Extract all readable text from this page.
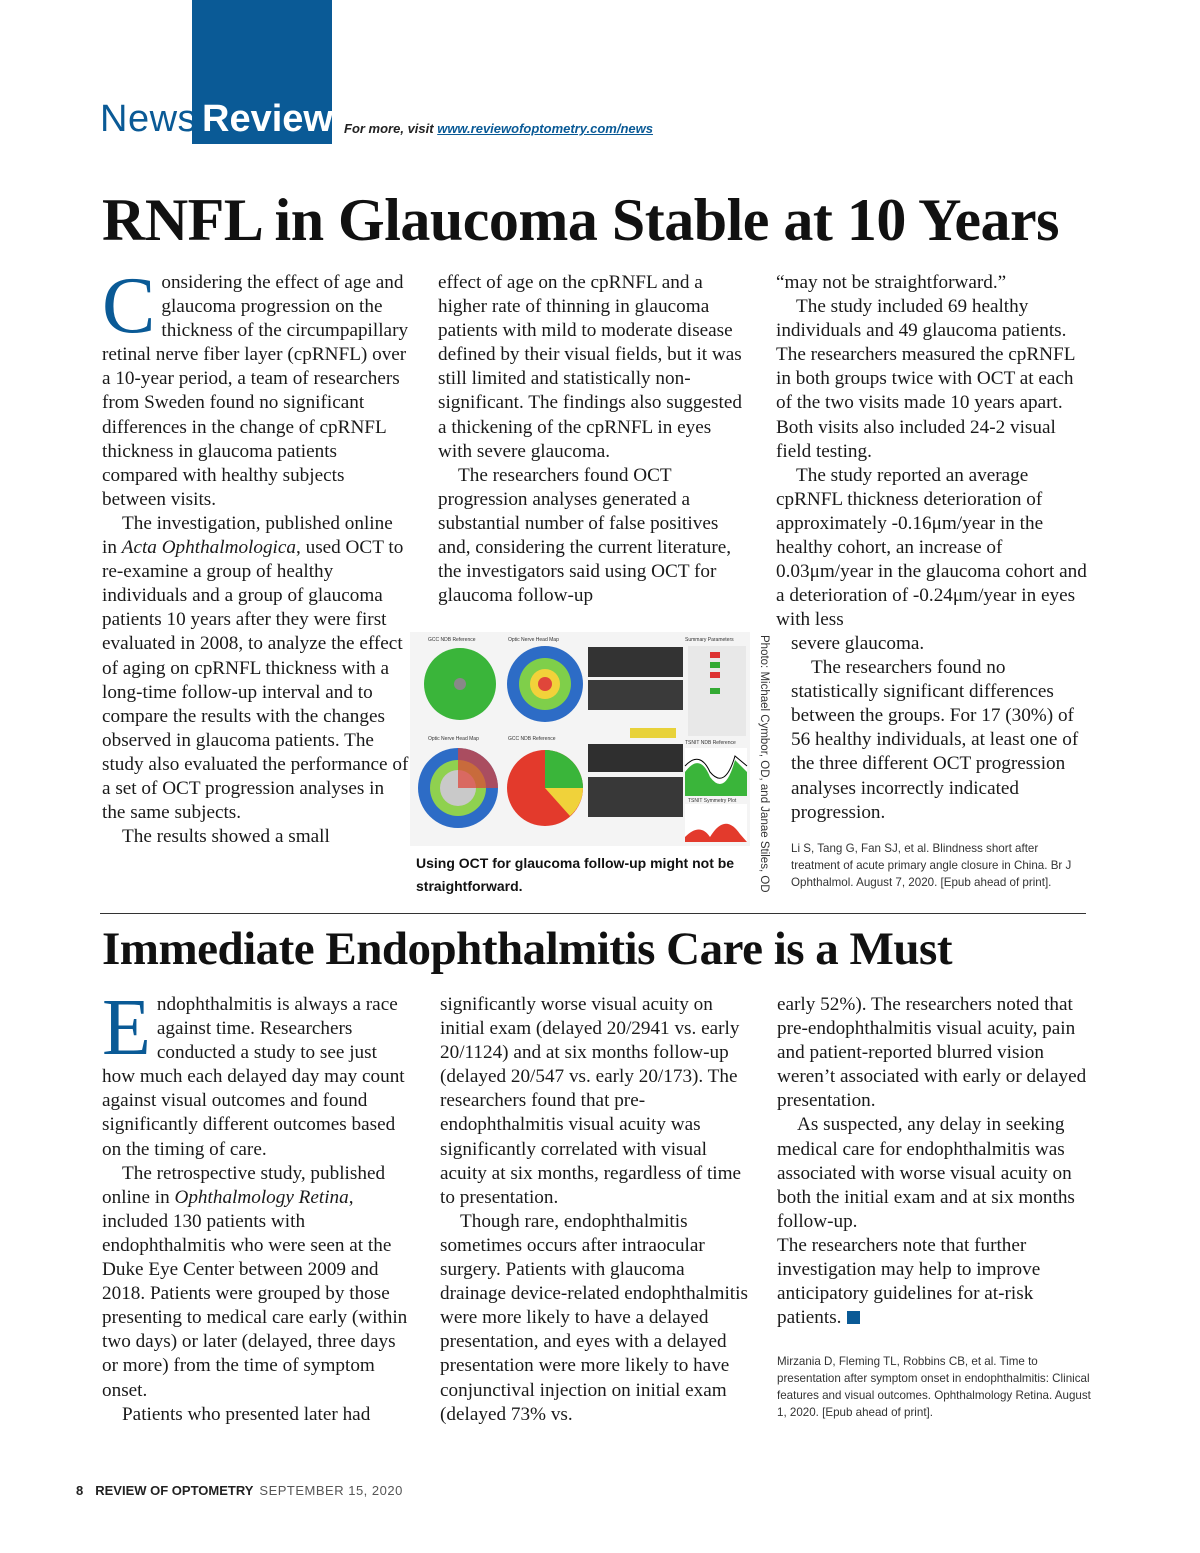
News Review For more, visit www.reviewofoptometry.com/news
RNFL in Glaucoma Stable at 10 Years

Considering the effect of age and glaucoma progression on the thickness of the circumpapillary retinal nerve fiber layer (cpRNFL) over a 10-year period, a team of researchers from Sweden found no significant differences in the change of cpRNFL thickness in glaucoma patients compared with healthy subjects between visits.

The investigation, published online in Acta Ophthalmologica, used OCT to re-examine a group of healthy individuals and a group of glaucoma patients 10 years after they were first evaluated in 2008, to analyze the effect of aging on cpRNFL thickness with a long-time follow-up interval and to compare the results with the changes observed in glaucoma patients. The study also evaluated the performance of a set of OCT progression analyses in the same subjects.

The results showed a small

effect of age on the cpRNFL and a higher rate of thinning in glaucoma patients with mild to moderate disease defined by their visual fields, but it was still limited and statistically non-significant. The findings also suggested a thickening of the cpRNFL in eyes with severe glaucoma.

The researchers found OCT progression analyses generated a substantial number of false positives and, considering the current literature, the investigators said using OCT for glaucoma follow-up

“may not be straightforward.”

The study included 69 healthy individuals and 49 glaucoma patients. The researchers measured the cpRNFL in both groups twice with OCT at each of the two visits made 10 years apart. Both visits also included 24-2 visual field testing.

The study reported an average cpRNFL thickness deterioration of approximately -0.16μm/year in the healthy cohort, an increase of 0.03μm/year in the glaucoma cohort and a deterioration of -0.24μm/year in eyes with less

severe glaucoma.

The researchers found no statistically significant differences between the groups. For 17 (30%) of 56 healthy individuals, at least one of the three different OCT progression analyses incorrectly indicated progression.

Li S, Tang G, Fan SJ, et al. Blindness short after treatment of acute primary angle closure in China. Br J Ophthalmol. August 7, 2020. [Epub ahead of print].
GCC NDB Reference	Optic Nerve Head Map	Summary Parameters
Optic Nerve Head Map	GCC NDB Reference
TSNIT NDB Reference
TSNIT Symmetry Plot
Using OCT for glaucoma follow-up might not be straightforward.	Photo: Michael Cymbor, OD, and Janae Stiles, OD
Immediate Endophthalmitis Care is a Must

Endophthalmitis is always a race against time. Researchers conducted a study to see just how much each delayed day may count against visual outcomes and found significantly different outcomes based on the timing of care.

The retrospective study, published online in Ophthalmology Retina, included 130 patients with endophthalmitis who were seen at the Duke Eye Center between 2009 and 2018. Patients were grouped by those presenting to medical care early (within two days) or later (delayed, three days or more) from the time of symptom onset.

Patients who presented later had

significantly worse visual acuity on initial exam (delayed 20/2941 vs. early 20/1124) and at six months follow-up (delayed 20/547 vs. early 20/173). The researchers found that pre-endophthalmitis visual acuity was significantly correlated with visual acuity at six months, regardless of time to presentation.

Though rare, endophthalmitis sometimes occurs after intraocular surgery. Patients with glaucoma drainage device-related endophthalmitis were more likely to have a delayed presentation, and eyes with a delayed presentation were more likely to have conjunctival injection on initial exam (delayed 73% vs.

early 52%). The researchers noted that pre-endophthalmitis visual acuity, pain and patient-reported blurred vision weren’t associated with early or delayed presentation.

As suspected, any delay in seeking medical care for endophthalmitis was associated with worse visual acuity on both the initial exam and at six months follow-up.

The researchers note that further investigation may help to improve anticipatory guidelines for at-risk patients.

Mirzania D, Fleming TL, Robbins CB, et al. Time to presentation after symptom onset in endophthalmitis: Clinical features and visual outcomes. Ophthalmology Retina. August 1, 2020. [Epub ahead of print].
8 REVIEW OF OPTOMETRY SEPTEMBER 15, 2020
